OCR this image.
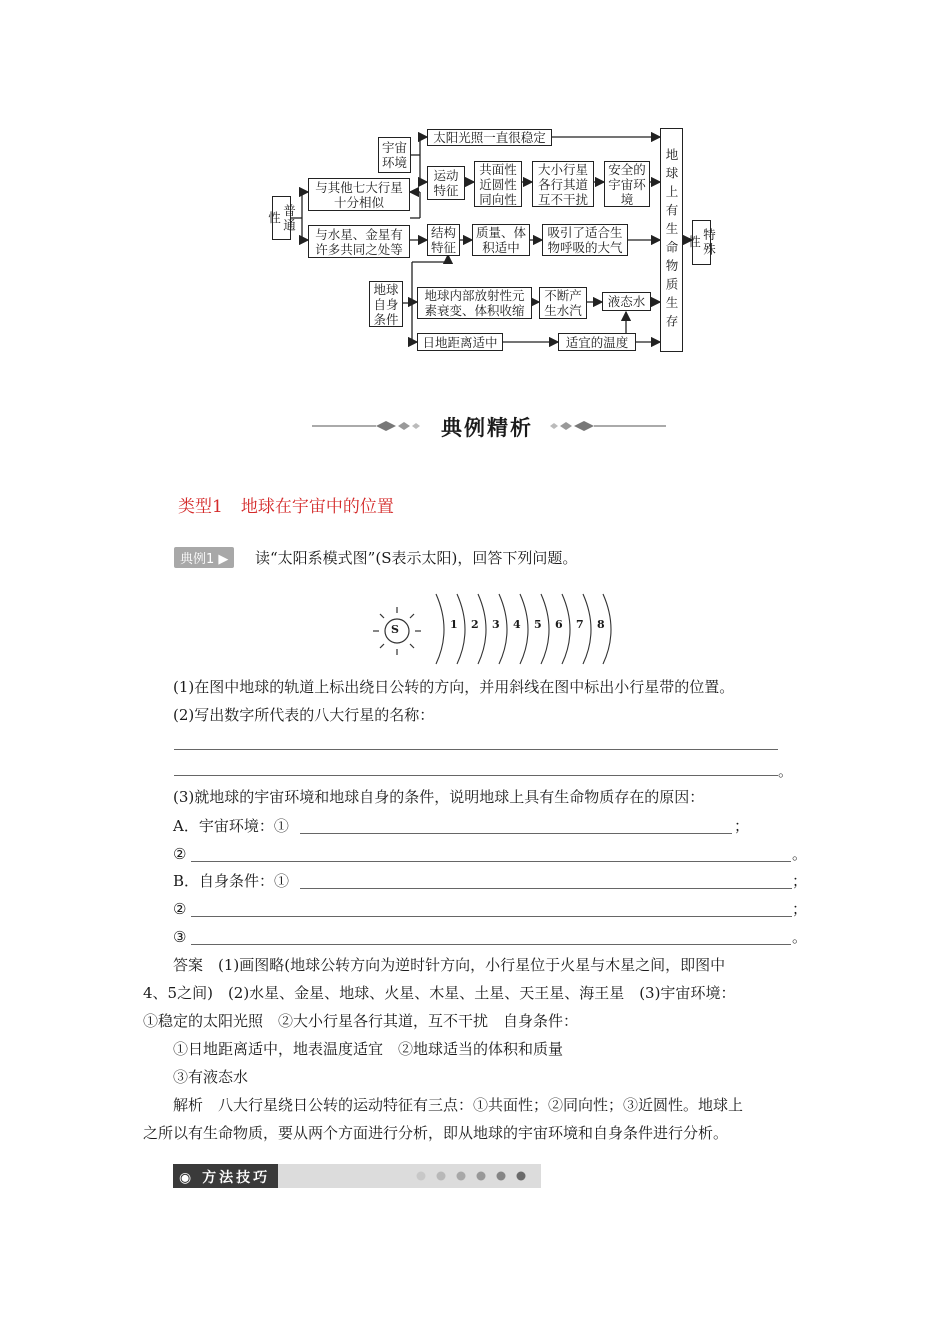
普通性
宇宙环境
与其他七大行星十分相似
与水星、金星有许多共同之处等
太阳光照一直很稳定
运动特征
共面性近圆性同向性
大小行星各行其道互不干扰
安全的宇宙环境
结构特征
质量、体积适中
吸引了适合生物呼吸的大气
地球自身条件
地球内部放射性元素衰变、体积收缩
不断产生水汽
液态水
日地距离适中	适宜的温度
地球上有生命物质生存	特殊性
典例精析
类型1 地球在宇宙中的位置
典例1 ▶	读“太阳系模式图”(S表示太阳)，回答下列问题。
S	1 2 3 4 5 6 7 8
(1)在图中地球的轨道上标出绕日公转的方向，并用斜线在图中标出小行星带的位置。
(2)写出数字所代表的八大行星的名称：
。
(3)就地球的宇宙环境和地球自身的条件，说明地球上具有生命物质存在的原因：
A．宇宙环境：①	；
②	。
B．自身条件：①	；
②	；
③	。
答案　(1)画图略(地球公转方向为逆时针方向，小行星位于火星与木星之间，即图中
4、5之间)　(2)水星、金星、地球、火星、木星、土星、天王星、海王星　(3)宇宙环境：
①稳定的太阳光照　②大小行星各行其道，互不干扰　自身条件：
①日地距离适中，地表温度适宜　②地球适当的体积和质量
③有液态水
解析　八大行星绕日公转的运动特征有三点：①共面性；②同向性；③近圆性。地球上
之所以有生命物质，要从两个方面进行分析，即从地球的宇宙环境和自身条件进行分析。
◉ 方法技巧
